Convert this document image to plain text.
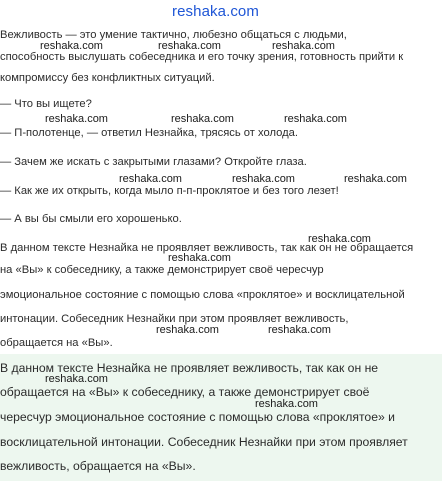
reshaka.com
Вежливость — это умение тактично, любезно общаться с людьми,
способность выслушать собеседника и его точку зрения, готовность прийти к
компромиссу без конфликтных ситуаций.
— Что вы ищете?
— П-полотенце, — ответил Незнайка, трясясь от холода.
— Зачем же искать с закрытыми глазами? Откройте глаза.
— Как же их открыть, когда мыло п-п-проклятое и без того лезет!
— А вы бы смыли его хорошенько.
В данном тексте Незнайка не проявляет вежливость, так как он не обращается
на «Вы» к собеседнику, а также демонстрирует своё чересчур
эмоциональное состояние с помощью слова «проклятое» и восклицательной
интонации. Собеседник Незнайки при этом проявляет вежливость,
обращается на «Вы».
В данном тексте Незнайка не проявляет вежливость, так как он не
обращается на «Вы» к собеседнику, а также демонстрирует своё
чересчур эмоциональное состояние с помощью слова «проклятое» и
восклицательной интонации. Собеседник Незнайки при этом проявляет
вежливость, обращается на «Вы».
reshaka.com	reshaka.com	reshaka.com
reshaka.com	reshaka.com	reshaka.com
reshaka.com	reshaka.com	reshaka.com
reshaka.com
reshaka.com
reshaka.com	reshaka.com
reshaka.com
reshaka.com
